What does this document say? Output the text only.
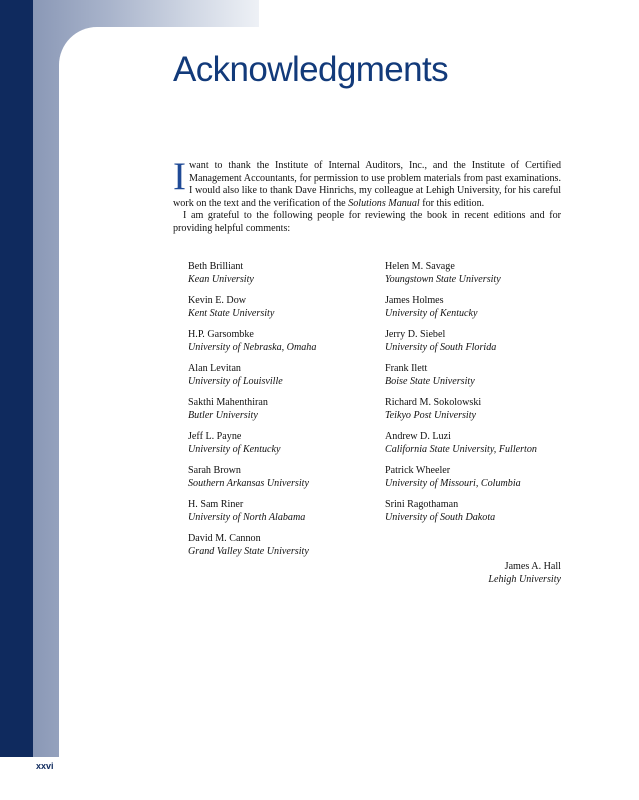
Acknowledgments

Iwant to thank the Institute of Internal Auditors, Inc., and the Institute of Certified Management Accountants, for permission to use problem materials from past examinations. I would also like to thank Dave Hinrichs, my colleague at Lehigh University, for his careful work on the text and the verification of the Solutions Manual for this edition.

I am grateful to the following people for reviewing the book in recent editions and for providing helpful comments:

Beth Brilliant
Kean University
Helen M. Savage
Youngstown State University
Kevin E. Dow
Kent State University
James Holmes
University of Kentucky
H.P. Garsombke
University of Nebraska, Omaha
Jerry D. Siebel
University of South Florida
Alan Levitan
University of Louisville
Frank Ilett
Boise State University
Sakthi Mahenthiran
Butler University
Richard M. Sokolowski
Teikyo Post University
Jeff L. Payne
University of Kentucky
Andrew D. Luzi
California State University, Fullerton
Sarah Brown
Southern Arkansas University
Patrick Wheeler
University of Missouri, Columbia
H. Sam Riner
University of North Alabama
Srini Ragothaman
University of South Dakota
David M. Cannon
Grand Valley State University
James A. Hall
Lehigh University
xxvi
